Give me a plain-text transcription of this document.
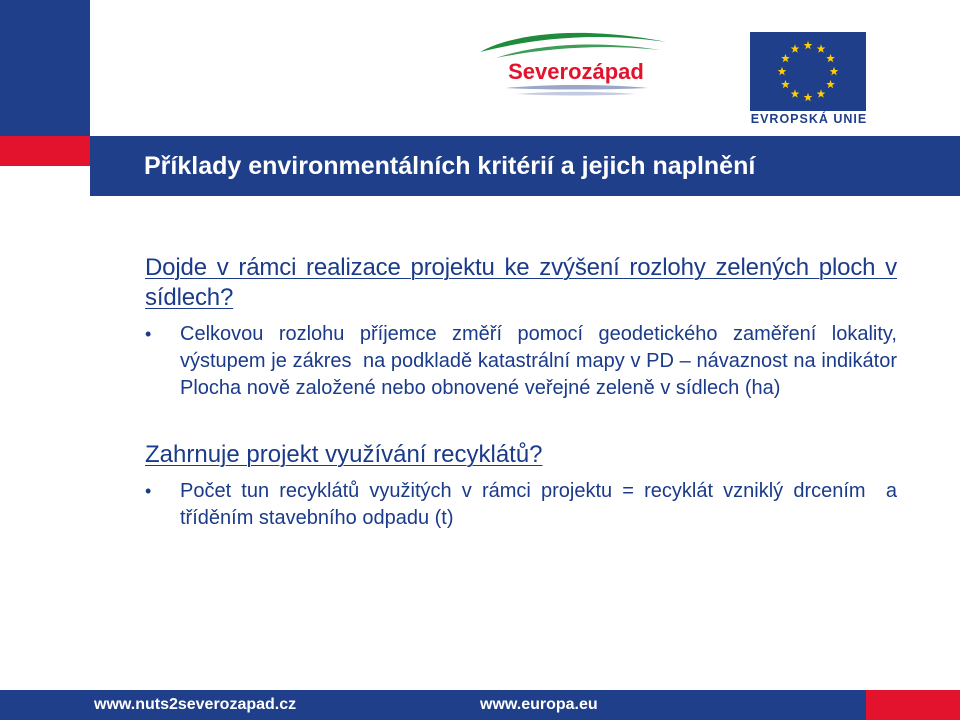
Severozápad
EVROPSKÁ UNIE
Příklady environmentálních kritérií a jejich naplnění

Dojde v rámci realizace projektu ke zvýšení rozlohy zelených ploch v sídlech?

• Celkovou rozlohu příjemce změří pomocí geodetického zaměření lokality, výstupem je zákres  na podkladě katastrální mapy v PD – návaznost na indikátor Plocha nově založené nebo obnovené veřejné zeleně v sídlech (ha)

Zahrnuje projekt využívání recyklátů?

• Počet tun recyklátů využitých v rámci projektu = recyklát vzniklý drcením  a tříděním stavebního odpadu (t)
www.nuts2severozapad.cz	www.europa.eu
